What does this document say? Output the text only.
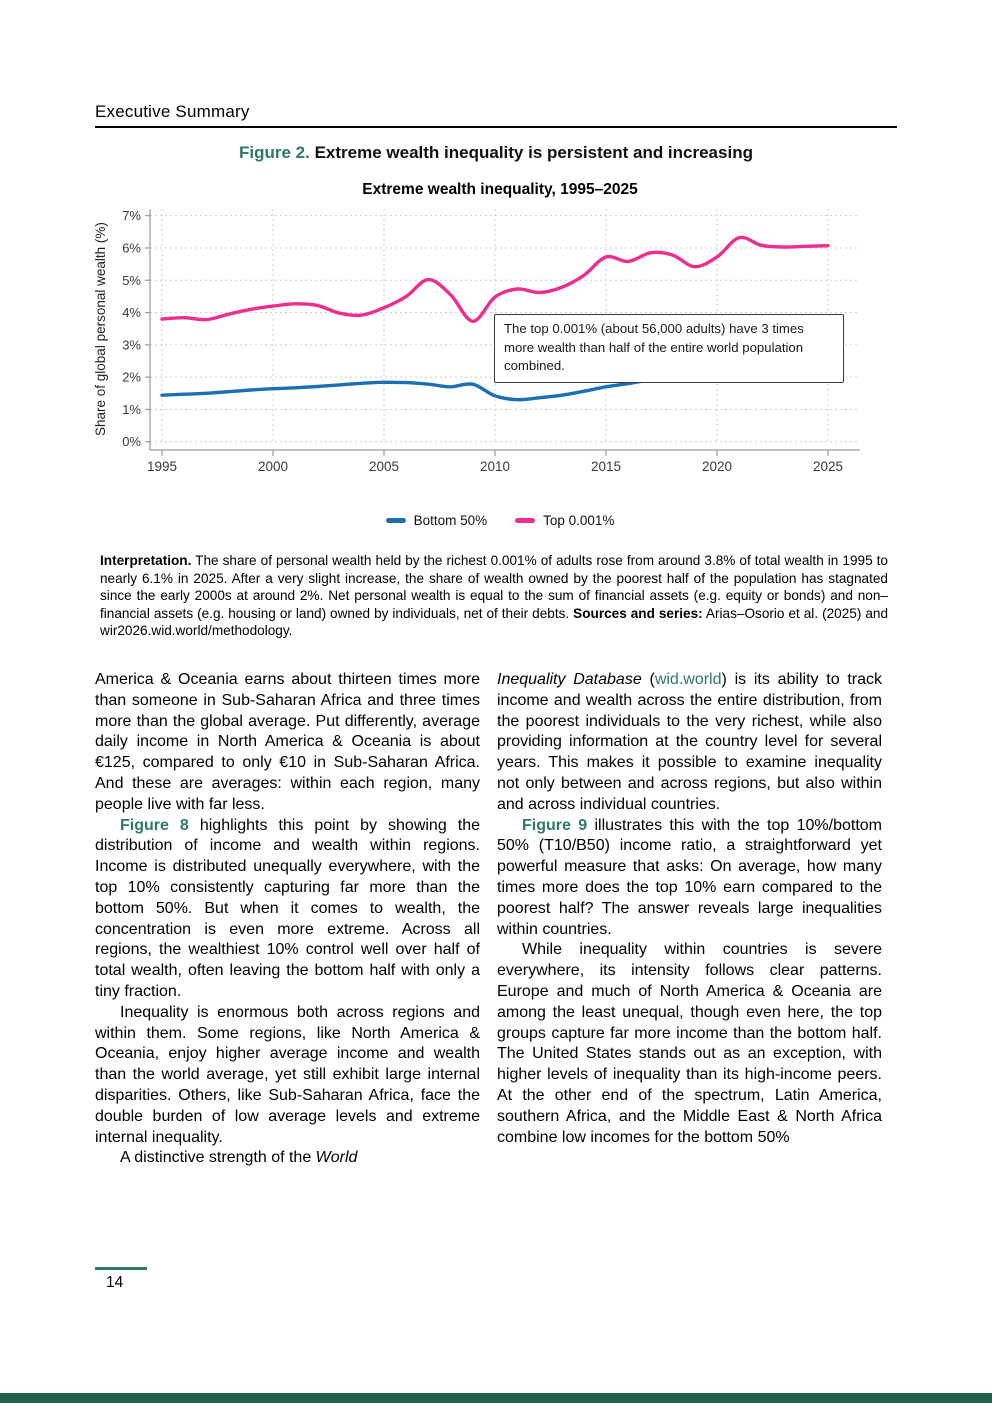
Executive Summary
Figure 2. Extreme wealth inequality is persistent and increasing
Extreme wealth inequality, 1995–2025
Share of global personal wealth (%)
0%
1%
2%
3%
4%
5%
6%
7%
1995	2000	2005	2010	2015	2020	2025
The top 0.001% (about 56,000 adults) have 3 times more wealth than half of the entire world population combined.
Bottom 50%	Top 0.001%
Interpretation. The share of personal wealth held by the richest 0.001% of adults rose from around 3.8% of total wealth in 1995 to nearly 6.1% in 2025. After a very slight increase, the share of wealth owned by the poorest half of the population has stagnated since the early 2000s at around 2%. Net personal wealth is equal to the sum of financial assets (e.g. equity or bonds) and non–financial assets (e.g. housing or land) owned by individuals, net of their debts. Sources and series: Arias–Osorio et al. (2025) and wir2026.wid.world/methodology.

America & Oceania earns about thirteen times more than someone in Sub-Saharan Africa and three times more than the global average. Put differently, average daily income in North America & Oceania is about €125, compared to only €10 in Sub-Saharan Africa. And these are averages: within each region, many people live with far less.

Figure 8 highlights this point by showing the distribution of income and wealth within regions. Income is distributed unequally everywhere, with the top 10% consistently capturing far more than the bottom 50%. But when it comes to wealth, the concentration is even more extreme. Across all regions, the wealthiest 10% control well over half of total wealth, often leaving the bottom half with only a tiny fraction.

Inequality is enormous both across regions and within them. Some regions, like North America & Oceania, enjoy higher average income and wealth than the world average, yet still exhibit large internal disparities. Others, like Sub-Saharan Africa, face the double burden of low average levels and extreme internal inequality.

A distinctive strength of the World

Inequality Database (wid.world) is its ability to track income and wealth across the entire distribution, from the poorest individuals to the very richest, while also providing information at the country level for several years. This makes it possible to examine inequality not only between and across regions, but also within and across individual countries.

Figure 9 illustrates this with the top 10%/bottom 50% (T10/B50) income ratio, a straightforward yet powerful measure that asks: On average, how many times more does the top 10% earn compared to the poorest half? The answer reveals large inequalities within countries.

While inequality within countries is severe everywhere, its intensity follows clear patterns. Europe and much of North America & Oceania are among the least unequal, though even here, the top groups capture far more income than the bottom half. The United States stands out as an exception, with higher levels of inequality than its high-income peers. At the other end of the spectrum, Latin America, southern Africa, and the Middle East & North Africa combine low incomes for the bottom 50%

14
